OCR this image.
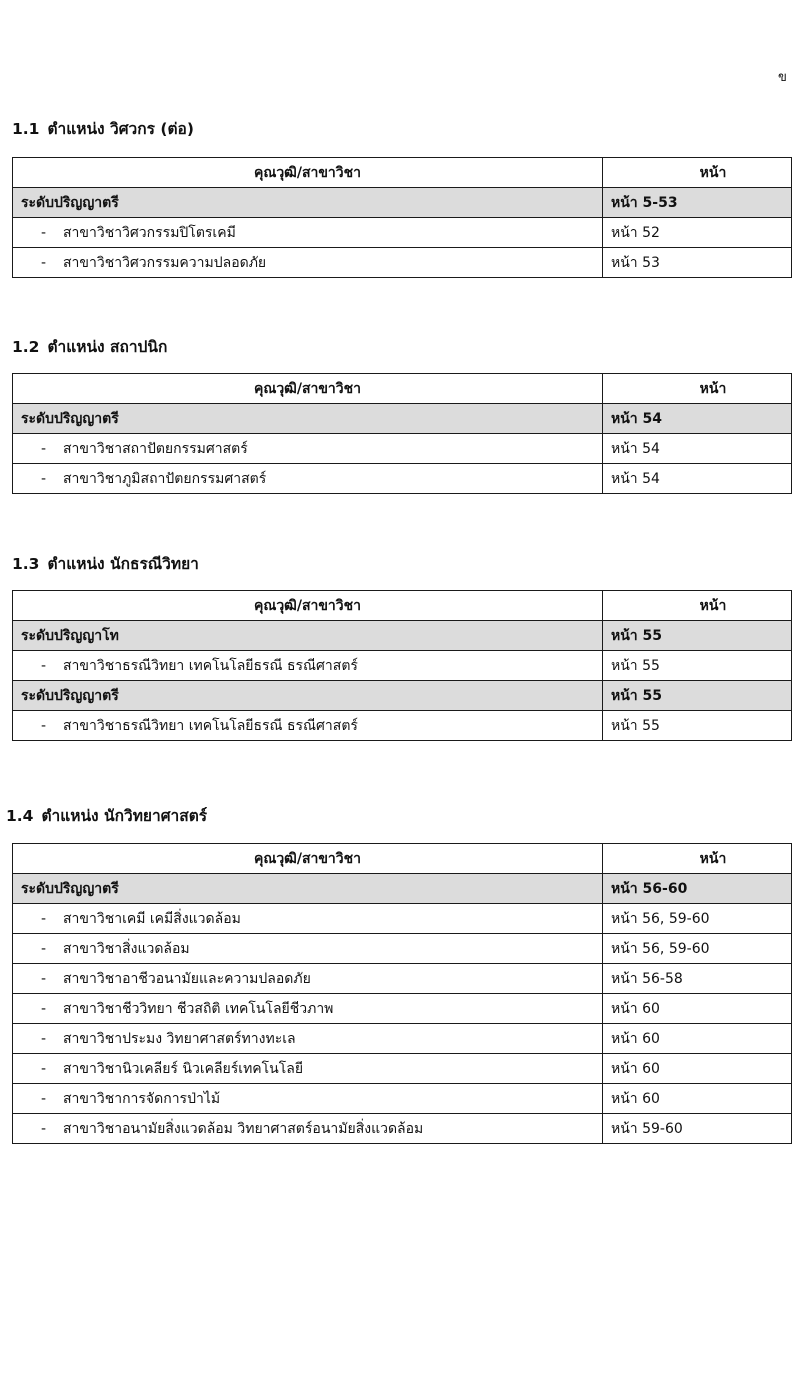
ข
1.1 ตำแหน่ง วิศวกร (ต่อ)
คุณวุฒิ/สาขาวิชา	หน้า
ระดับปริญญาตรี	หน้า 5-53
- สาขาวิชาวิศวกรรมปิโตรเคมี	หน้า 52
- สาขาวิชาวิศวกรรมความปลอดภัย	หน้า 53
1.2 ตำแหน่ง สถาปนิก
คุณวุฒิ/สาขาวิชา	หน้า
ระดับปริญญาตรี	หน้า 54
- สาขาวิชาสถาปัตยกรรมศาสตร์	หน้า 54
- สาขาวิชาภูมิสถาปัตยกรรมศาสตร์	หน้า 54
1.3 ตำแหน่ง นักธรณีวิทยา
คุณวุฒิ/สาขาวิชา	หน้า
ระดับปริญญาโท	หน้า 55
- สาขาวิชาธรณีวิทยา เทคโนโลยีธรณี ธรณีศาสตร์	หน้า 55
ระดับปริญญาตรี	หน้า 55
- สาขาวิชาธรณีวิทยา เทคโนโลยีธรณี ธรณีศาสตร์	หน้า 55
1.4 ตำแหน่ง นักวิทยาศาสตร์
คุณวุฒิ/สาขาวิชา	หน้า
ระดับปริญญาตรี	หน้า 56-60
- สาขาวิชาเคมี เคมีสิ่งแวดล้อม	หน้า 56, 59-60
- สาขาวิชาสิ่งแวดล้อม	หน้า 56, 59-60
- สาขาวิชาอาชีวอนามัยและความปลอดภัย	หน้า 56-58
- สาขาวิชาชีววิทยา ชีวสถิติ เทคโนโลยีชีวภาพ	หน้า 60
- สาขาวิชาประมง วิทยาศาสตร์ทางทะเล	หน้า 60
- สาขาวิชานิวเคลียร์ นิวเคลียร์เทคโนโลยี	หน้า 60
- สาขาวิชาการจัดการป่าไม้	หน้า 60
- สาขาวิชาอนามัยสิ่งแวดล้อม วิทยาศาสตร์อนามัยสิ่งแวดล้อม	หน้า 59-60
